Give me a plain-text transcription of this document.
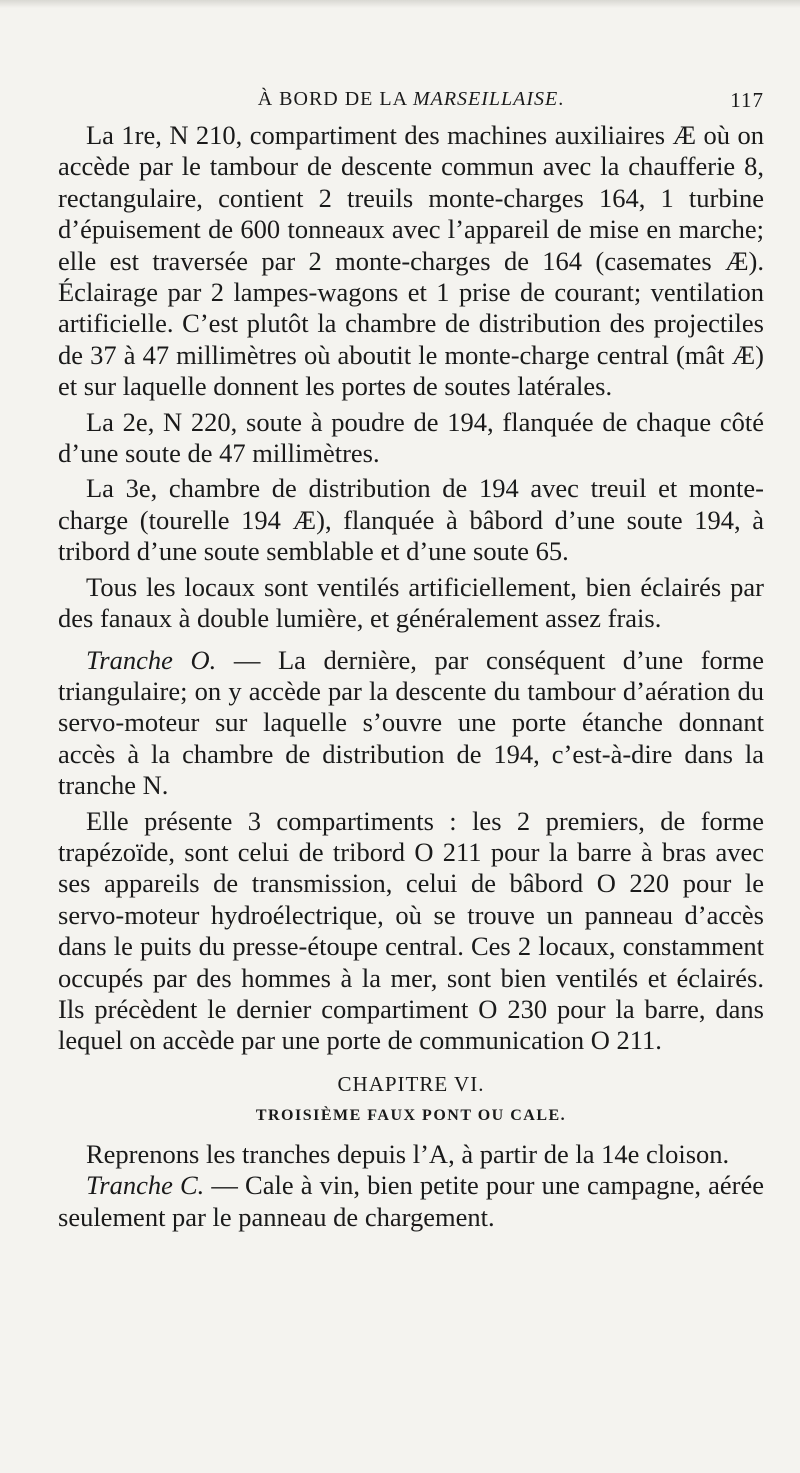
À BORD DE LA MARSEILLAISE.	117

La 1re, N 210, compartiment des machines auxiliaires Æ où on accède par le tambour de descente commun avec la chaufferie 8, rectangulaire, contient 2 treuils monte-charges 164, 1 turbine d’épuisement de 600 tonneaux avec l’appareil de mise en marche; elle est traversée par 2 monte-charges de 164 (casemates Æ). Éclairage par 2 lampes-wagons et 1 prise de courant; ventilation artificielle. C’est plutôt la chambre de distribution des projectiles de 37 à 47 millimètres où aboutit le monte-charge central (mât Æ) et sur laquelle donnent les portes de soutes latérales.

La 2e, N 220, soute à poudre de 194, flanquée de chaque côté d’une soute de 47 millimètres.

La 3e, chambre de distribution de 194 avec treuil et monte-charge (tourelle 194 Æ), flanquée à bâbord d’une soute 194, à tribord d’une soute semblable et d’une soute 65.

Tous les locaux sont ventilés artificiellement, bien éclairés par des fanaux à double lumière, et généralement assez frais.

Tranche O. — La dernière, par conséquent d’une forme triangulaire; on y accède par la descente du tambour d’aération du servo-moteur sur laquelle s’ouvre une porte étanche donnant accès à la chambre de distribution de 194, c’est-à-dire dans la tranche N.

Elle présente 3 compartiments : les 2 premiers, de forme trapézoïde, sont celui de tribord O 211 pour la barre à bras avec ses appareils de transmission, celui de bâbord O 220 pour le servo-moteur hydroélectrique, où se trouve un panneau d’accès dans le puits du presse-étoupe central. Ces 2 locaux, constamment occupés par des hommes à la mer, sont bien ventilés et éclairés. Ils précèdent le dernier compartiment O 230 pour la barre, dans lequel on accède par une porte de communication O 211.

CHAPITRE VI.
TROISIÈME FAUX PONT OU CALE.

Reprenons les tranches depuis l’A, à partir de la 14e cloison.

Tranche C. — Cale à vin, bien petite pour une campagne, aérée seulement par le panneau de chargement.
